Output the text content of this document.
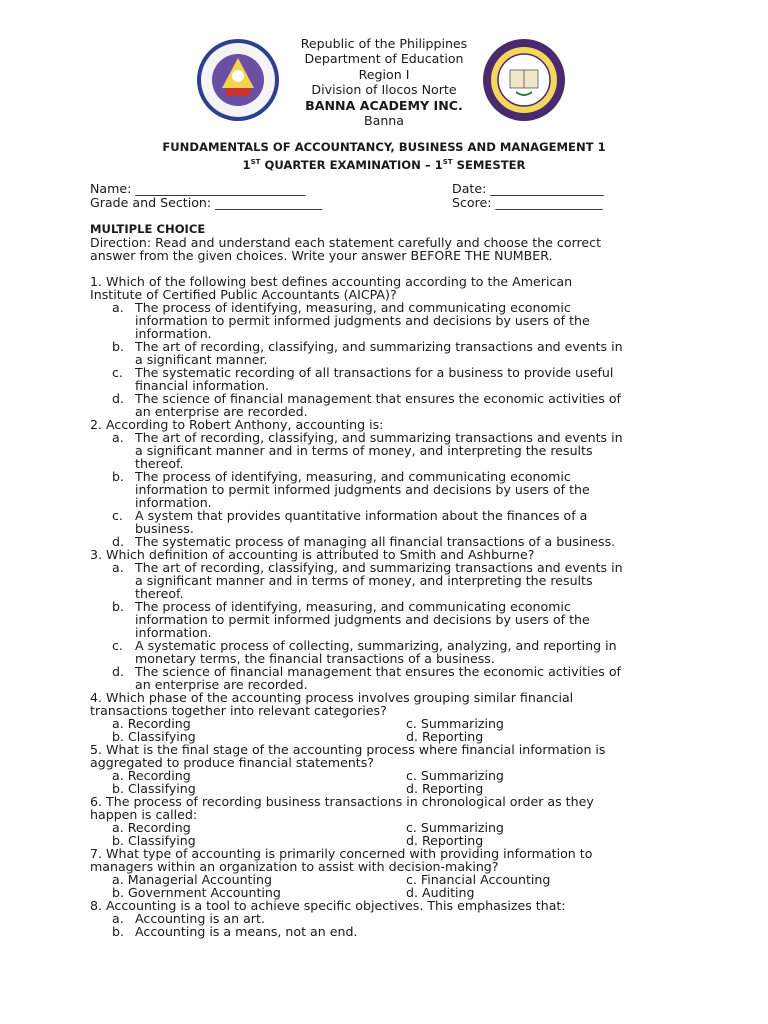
Republic of the Philippines
Department of Education
Region I
Division of Ilocos Norte
BANNA ACADEMY INC.
Banna
FUNDAMENTALS OF ACCOUNTANCY, BUSINESS AND MANAGEMENT 1
1ST QUARTER EXAMINATION – 1ST SEMESTER
Name: ___________________________
Grade and Section: _________________
Date: __________________
Score: _________________
MULTIPLE CHOICE
Direction: Read and understand each statement carefully and choose the correct
answer from the given choices. Write your answer BEFORE THE NUMBER.
1. Which of the following best defines accounting according to the American
Institute of Certified Public Accountants (AICPA)?
a. The process of identifying, measuring, and communicating economic
information to permit informed judgments and decisions by users of the
information.
b. The art of recording, classifying, and summarizing transactions and events in
a significant manner.
c. The systematic recording of all transactions for a business to provide useful
financial information.
d. The science of financial management that ensures the economic activities of
an enterprise are recorded.
2. According to Robert Anthony, accounting is:
a. The art of recording, classifying, and summarizing transactions and events in
a significant manner and in terms of money, and interpreting the results
thereof.
b. The process of identifying, measuring, and communicating economic
information to permit informed judgments and decisions by users of the
information.
c. A system that provides quantitative information about the finances of a
business.
d. The systematic process of managing all financial transactions of a business.
3. Which definition of accounting is attributed to Smith and Ashburne?
a. The art of recording, classifying, and summarizing transactions and events in
a significant manner and in terms of money, and interpreting the results
thereof.
b. The process of identifying, measuring, and communicating economic
information to permit informed judgments and decisions by users of the
information.
c. A systematic process of collecting, summarizing, analyzing, and reporting in
monetary terms, the financial transactions of a business.
d. The science of financial management that ensures the economic activities of
an enterprise are recorded.
4. Which phase of the accounting process involves grouping similar financial
transactions together into relevant categories?
a. Recording	c. Summarizing
b. Classifying	d. Reporting
5. What is the final stage of the accounting process where financial information is
aggregated to produce financial statements?
a. Recording	c. Summarizing
b. Classifying	d. Reporting
6. The process of recording business transactions in chronological order as they
happen is called:
a. Recording	c. Summarizing
b. Classifying	d. Reporting
7. What type of accounting is primarily concerned with providing information to
managers within an organization to assist with decision-making?
a. Managerial Accounting	c. Financial Accounting
b. Government Accounting	d. Auditing
8. Accounting is a tool to achieve specific objectives. This emphasizes that:
a. Accounting is an art.
b. Accounting is a means, not an end.
